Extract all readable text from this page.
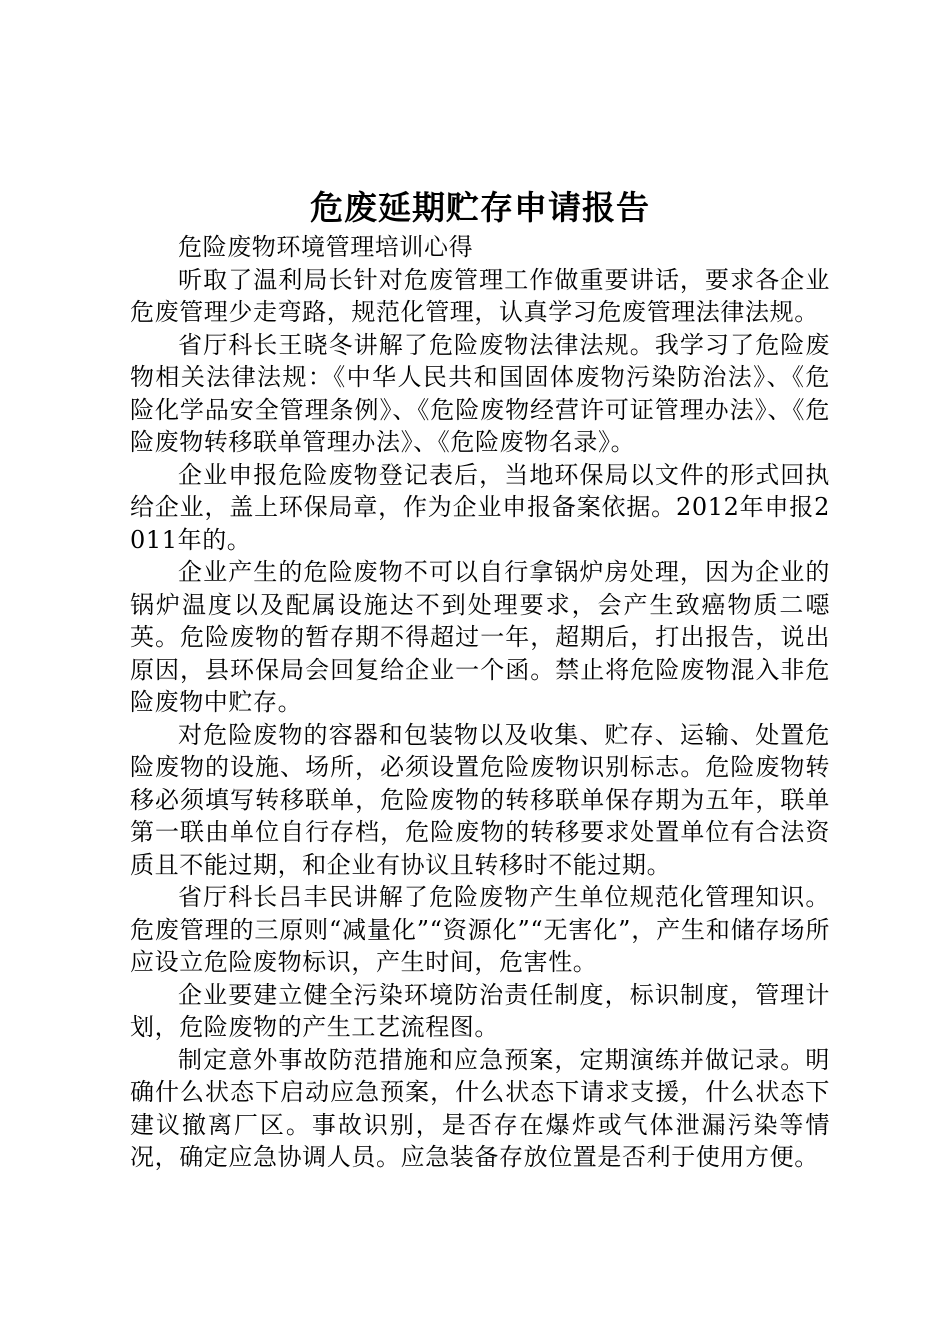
危废延期贮存申请报告

危险废物环境管理培训心得

听取了温利局长针对危废管理工作做重要讲话，要求各企业危废管理少走弯路，规范化管理，认真学习危废管理法律法规。

省厅科长王晓冬讲解了危险废物法律法规。我学习了危险废物相关法律法规：《中华人民共和国固体废物污染防治法》、《危险化学品安全管理条例》、《危险废物经营许可证管理办法》、《危险废物转移联单管理办法》、《危险废物名录》。

企业申报危险废物登记表后，当地环保局以文件的形式回执给企业，盖上环保局章，作为企业申报备案依据。2012年申报2011年的。

企业产生的危险废物不可以自行拿锅炉房处理，因为企业的锅炉温度以及配属设施达不到处理要求，会产生致癌物质二噁英。危险废物的暂存期不得超过一年，超期后，打出报告，说出原因，县环保局会回复给企业一个函。禁止将危险废物混入非危险废物中贮存。

对危险废物的容器和包装物以及收集、贮存、运输、处置危险废物的设施、场所，必须设置危险废物识别标志。危险废物转移必须填写转移联单，危险废物的转移联单保存期为五年，联单第一联由单位自行存档，危险废物的转移要求处置单位有合法资质且不能过期，和企业有协议且转移时不能过期。

省厅科长吕丰民讲解了危险废物产生单位规范化管理知识。危废管理的三原则“减量化”“资源化”“无害化”，产生和储存场所应设立危险废物标识，产生时间，危害性。

企业要建立健全污染环境防治责任制度，标识制度，管理计划，危险废物的产生工艺流程图。

制定意外事故防范措施和应急预案，定期演练并做记录。明确什么状态下启动应急预案，什么状态下请求支援，什么状态下建议撤离厂区。事故识别，是否存在爆炸或气体泄漏污染等情况，确定应急协调人员。应急装备存放位置是否利于使用方便。
